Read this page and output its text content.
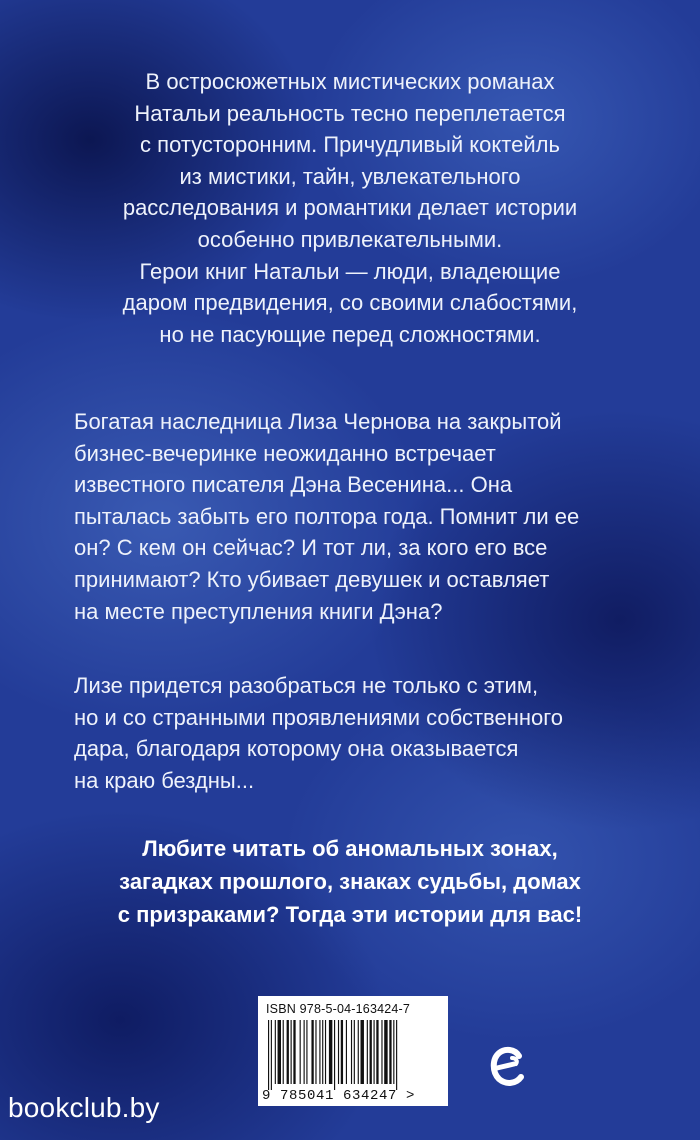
В остросюжетных мистических романах
Натальи реальность тесно переплетается
с потусторонним. Причудливый коктейль
из мистики, тайн, увлекательного
расследования и романтики делает истории
особенно привлекательными.
Герои книг Натальи — люди, владеющие
даром предвидения, со своими слабостями,
но не пасующие перед сложностями.

Богатая наследница Лиза Чернова на закрытой
бизнес-вечеринке неожиданно встречает
известного писателя Дэна Весенина... Она
пыталась забыть его полтора года. Помнит ли ее
он? С кем он сейчас? И тот ли, за кого его все
принимают? Кто убивает девушек и оставляет
на месте преступления книги Дэна?

Лизе придется разобраться не только с этим,
но и со странными проявлениями собственного
дара, благодаря которому она оказывается
на краю бездны...

Любите читать об аномальных зонах,
загадках прошлого, знаках судьбы, домах
с призраками? Тогда эти истории для вас!

ISBN 978-5-04-163424-7
9 785041 634247 >
bookclub.by
